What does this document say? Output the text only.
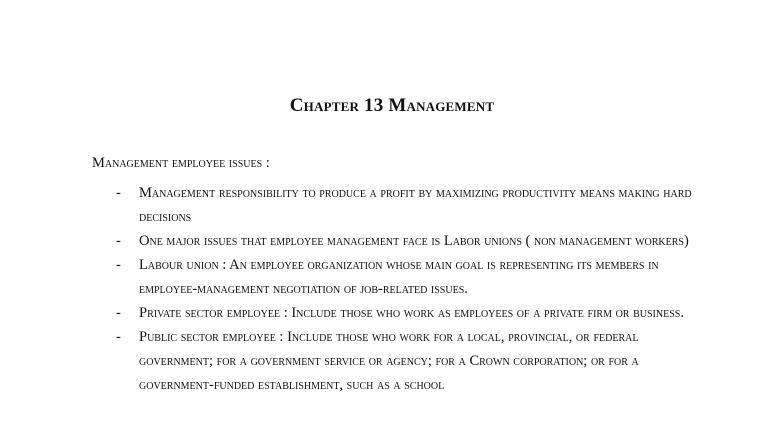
Chapter 13 Management

Management employee issues :

- Management responsibility to produce a profit by maximizing productivity means making hard decisions
- One major issues that employee management face is Labor unions ( non management workers)
- Labour union : An employee organization whose main goal is representing its members in employee-management negotiation of job-related issues.
- Private sector employee : Include those who work as employees of a private firm or business.
- Public sector employee : Include those who work for a local, provincial, or federal government; for a government service or agency; for a Crown corporation; or for a government-funded establishment, such as a school
